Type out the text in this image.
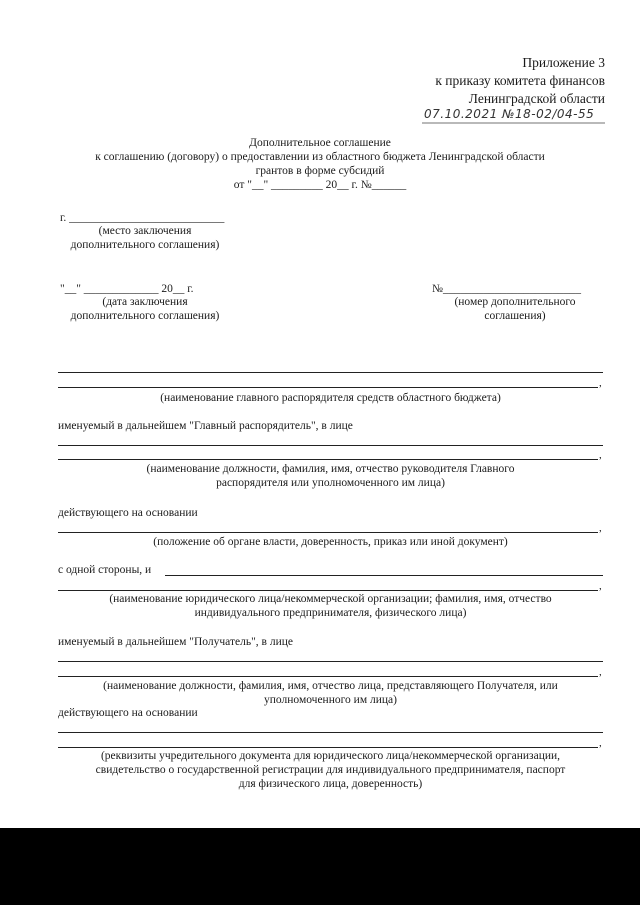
Приложение 3
к приказу комитета финансов
Ленинградской области
07.10.2021 №18-02/04-55
Дополнительное соглашение
к соглашению (договору) о предоставлении из областного бюджета Ленинградской области
грантов в форме субсидий
от "__" _________ 20__ г. №______
г. ___________________________
(место заключения
дополнительного соглашения)
"__" _____________ 20__ г.
(дата заключения
дополнительного соглашения)
№________________________
(номер дополнительного
соглашения)
,
(наименование главного распорядителя средств областного бюджета)
именуемый в дальнейшем "Главный распорядитель", в лице
,
(наименование должности, фамилия, имя, отчество руководителя Главного
распорядителя или уполномоченного им лица)
действующего на основании
,
(положение об органе власти, доверенность, приказ или иной документ)
с одной стороны, и
,
(наименование юридического лица/некоммерческой организации; фамилия, имя, отчество
индивидуального предпринимателя, физического лица)
именуемый в дальнейшем "Получатель", в лице
,
(наименование должности, фамилия, имя, отчество лица, представляющего Получателя, или
уполномоченного им лица)
действующего на основании
,
(реквизиты учредительного документа для юридического лица/некоммерческой организации,
свидетельство о государственной регистрации для индивидуального предпринимателя, паспорт
для физического лица, доверенность)
